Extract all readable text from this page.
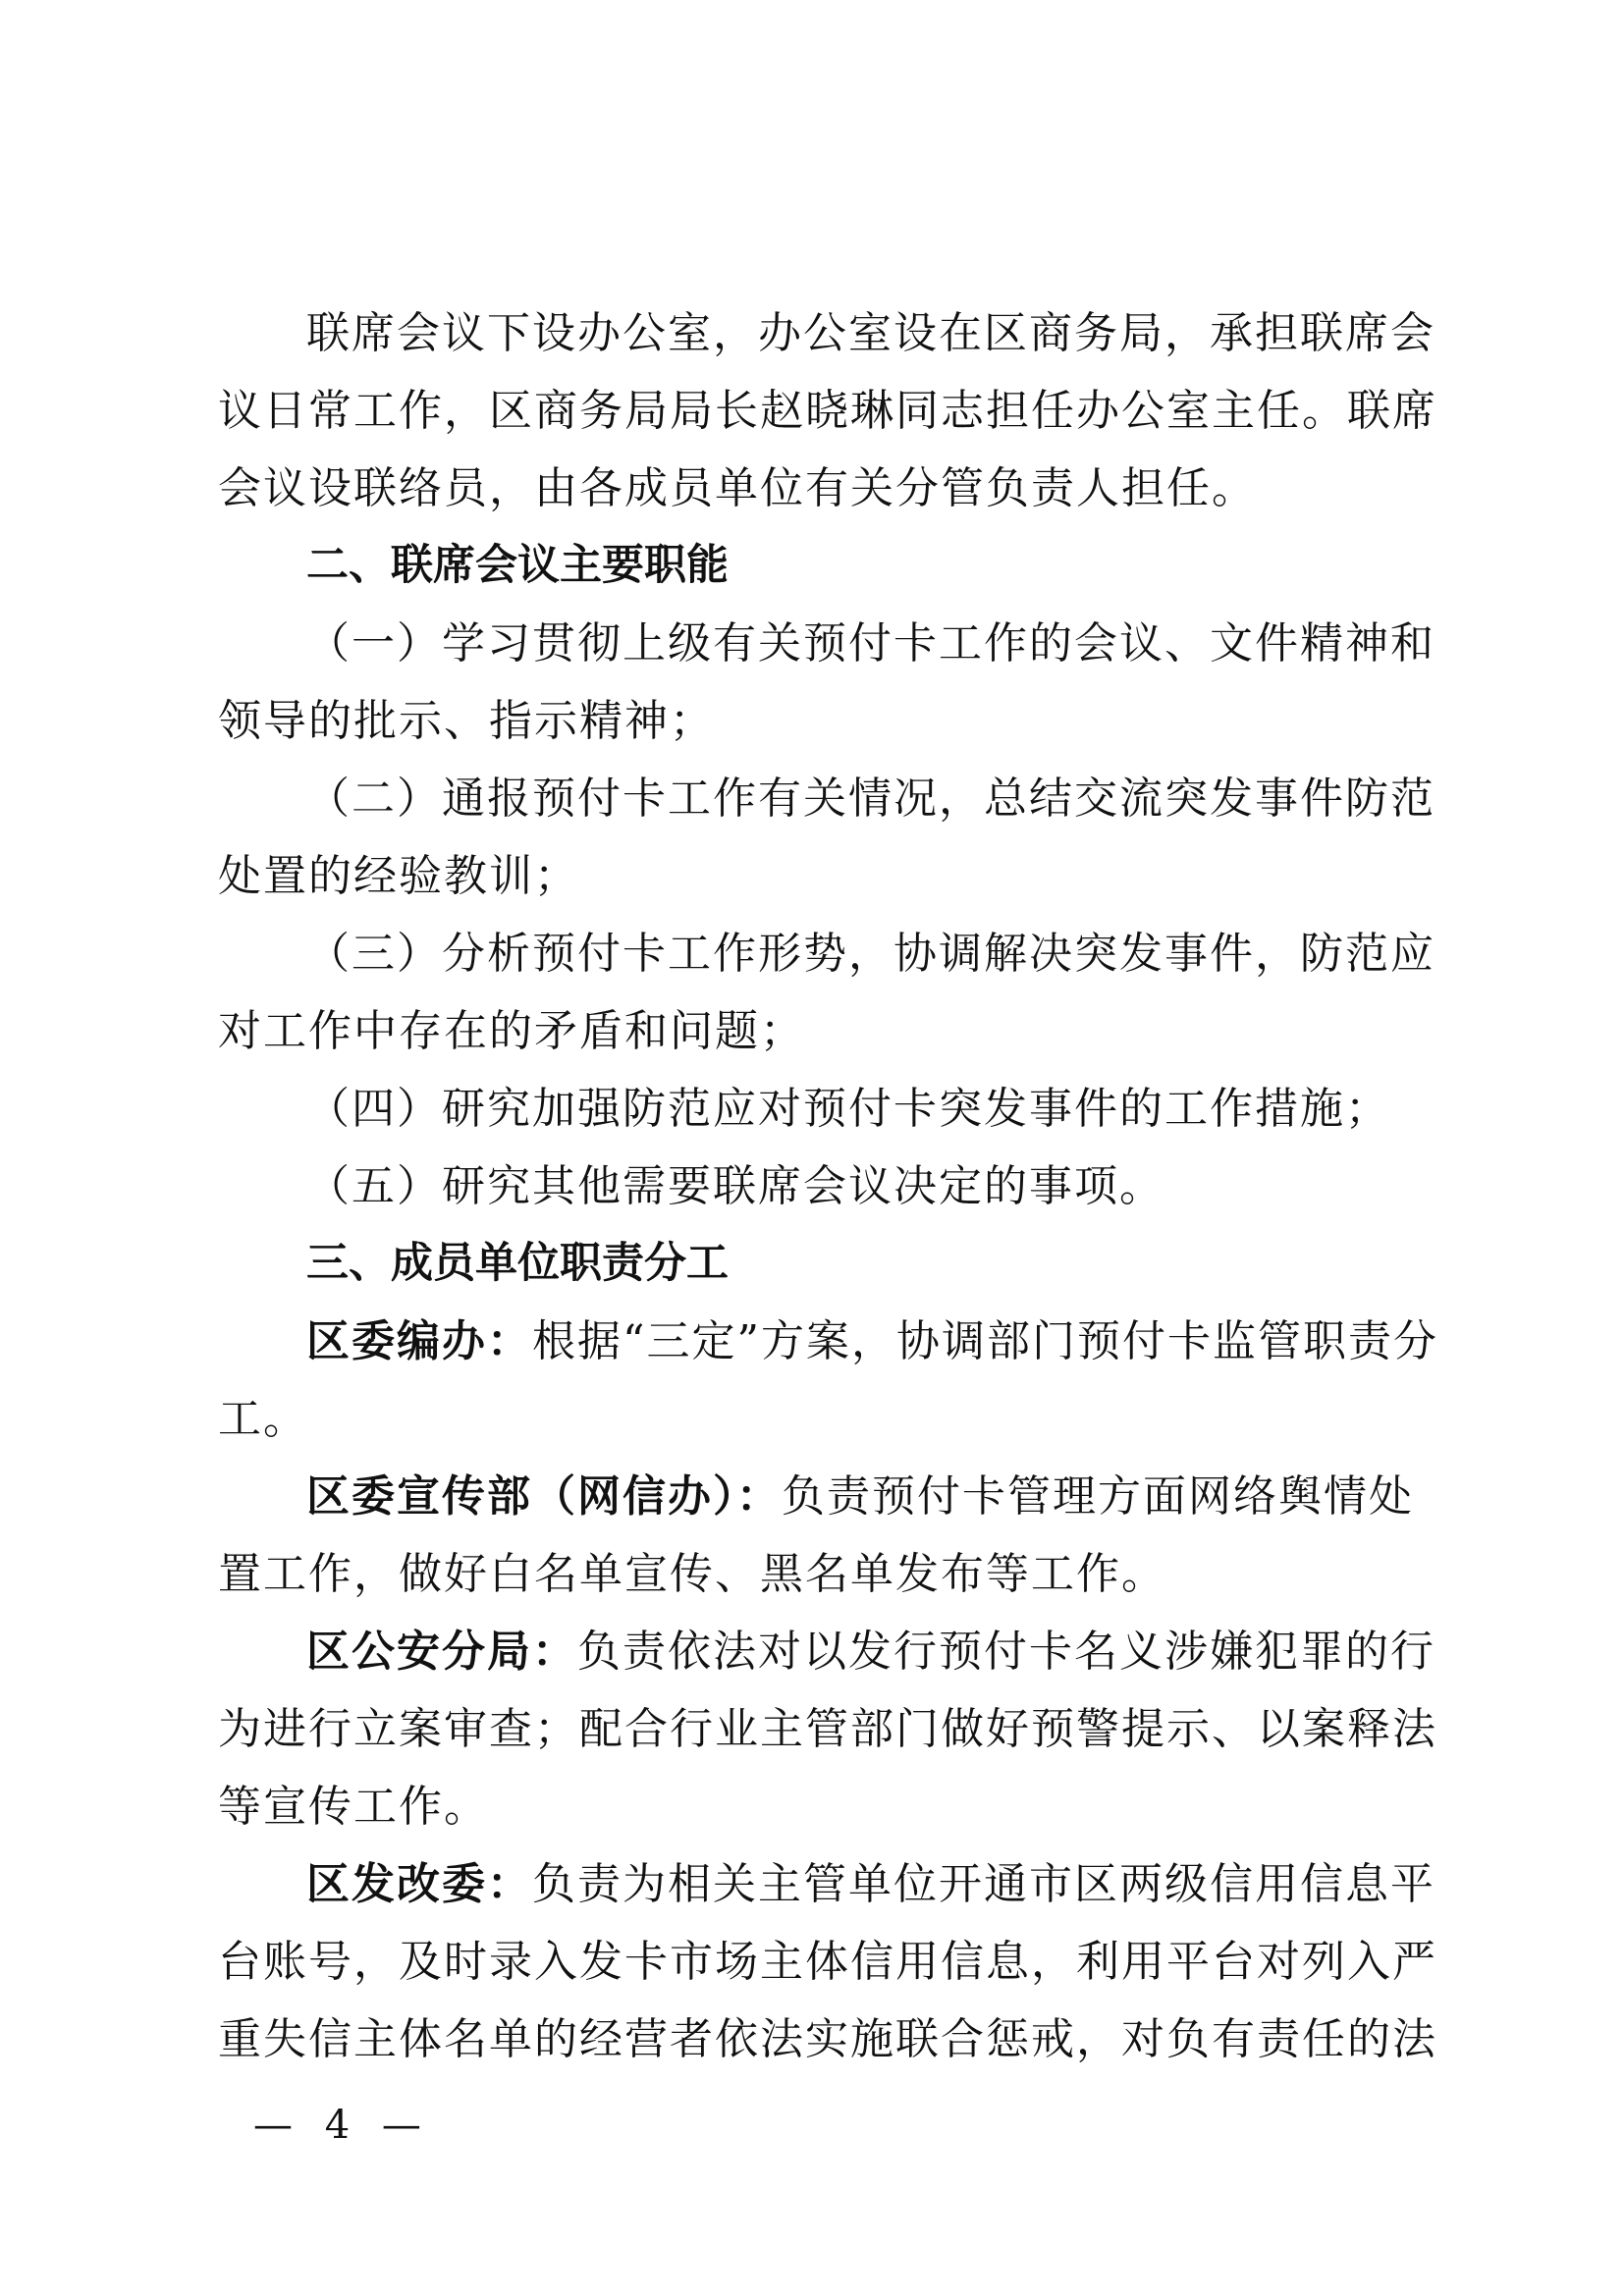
联席会议下设办公室，办公室设在区商务局，承担联席会
议日常工作，区商务局局长赵晓琳同志担任办公室主任。联席
会议设联络员，由各成员单位有关分管负责人担任。
二、联席会议主要职能
（一）学习贯彻上级有关预付卡工作的会议、文件精神和
领导的批示、指示精神；
（二）通报预付卡工作有关情况，总结交流突发事件防范
处置的经验教训；
（三）分析预付卡工作形势，协调解决突发事件，防范应
对工作中存在的矛盾和问题；
（四）研究加强防范应对预付卡突发事件的工作措施；
（五）研究其他需要联席会议决定的事项。
三、成员单位职责分工
区委编办：根据“三定”方案，协调部门预付卡监管职责分
工。
区委宣传部（网信办）：负责预付卡管理方面网络舆情处
置工作，做好白名单宣传、黑名单发布等工作。
区公安分局：负责依法对以发行预付卡名义涉嫌犯罪的行
为进行立案审查；配合行业主管部门做好预警提示、以案释法
等宣传工作。
区发改委：负责为相关主管单位开通市区两级信用信息平
台账号，及时录入发卡市场主体信用信息，利用平台对列入严
重失信主体名单的经营者依法实施联合惩戒，对负有责任的法
— 4 —
